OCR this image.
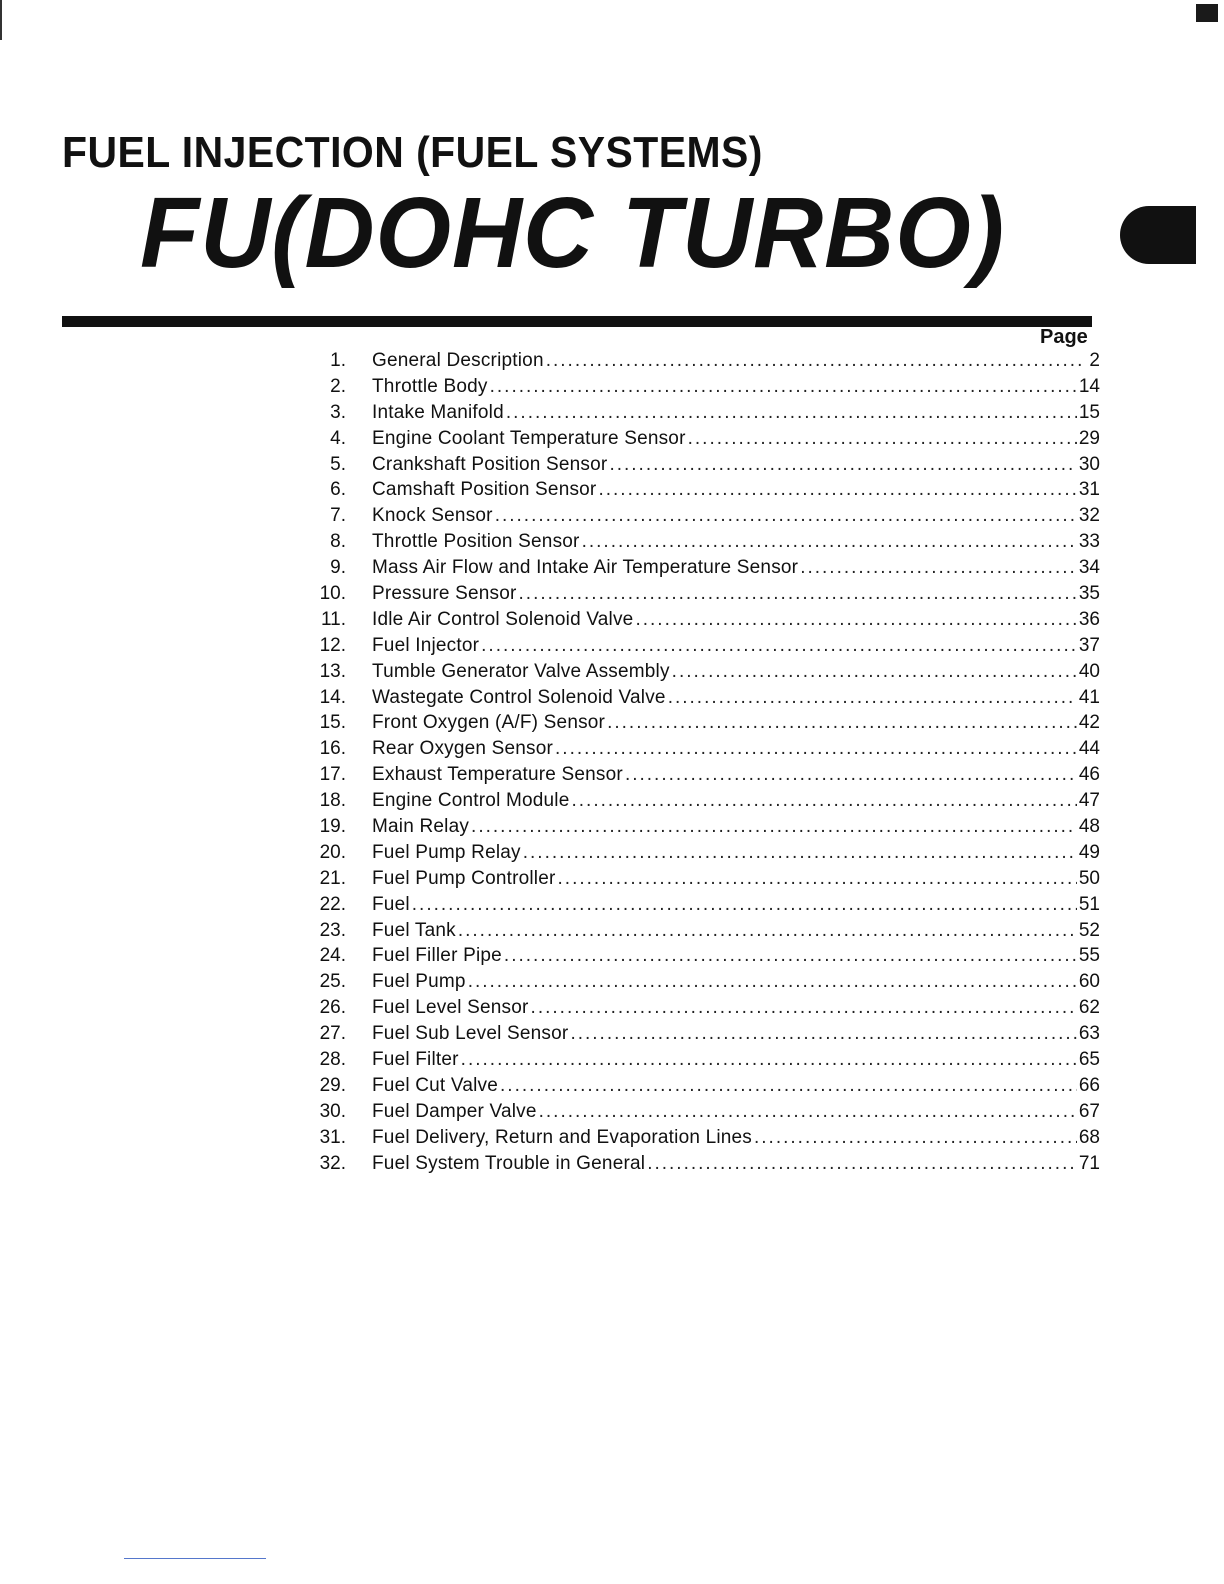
FUEL INJECTION (FUEL SYSTEMS)
FU(DOHC TURBO)

Page

1.	General Description .....	2
2.	Throttle Body .....	14
3.	Intake Manifold .....	15
4.	Engine Coolant Temperature Sensor .....	29
5.	Crankshaft Position Sensor .....	30
6.	Camshaft Position Sensor .....	31
7.	Knock Sensor .....	32
8.	Throttle Position Sensor .....	33
9.	Mass Air Flow and Intake Air Temperature Sensor .....	34
10.	Pressure Sensor .....	35
11.	Idle Air Control Solenoid Valve .....	36
12.	Fuel Injector .....	37
13.	Tumble Generator Valve Assembly .....	40
14.	Wastegate Control Solenoid Valve .....	41
15.	Front Oxygen (A/F) Sensor .....	42
16.	Rear Oxygen Sensor .....	44
17.	Exhaust Temperature Sensor .....	46
18.	Engine Control Module .....	47
19.	Main Relay .....	48
20.	Fuel Pump Relay .....	49
21.	Fuel Pump Controller .....	50
22.	Fuel .....	51
23.	Fuel Tank .....	52
24.	Fuel Filler Pipe .....	55
25.	Fuel Pump .....	60
26.	Fuel Level Sensor .....	62
27.	Fuel Sub Level Sensor .....	63
28.	Fuel Filter .....	65
29.	Fuel Cut Valve .....	66
30.	Fuel Damper Valve .....	67
31.	Fuel Delivery, Return and Evaporation Lines .....	68
32.	Fuel System Trouble in General .....	71
